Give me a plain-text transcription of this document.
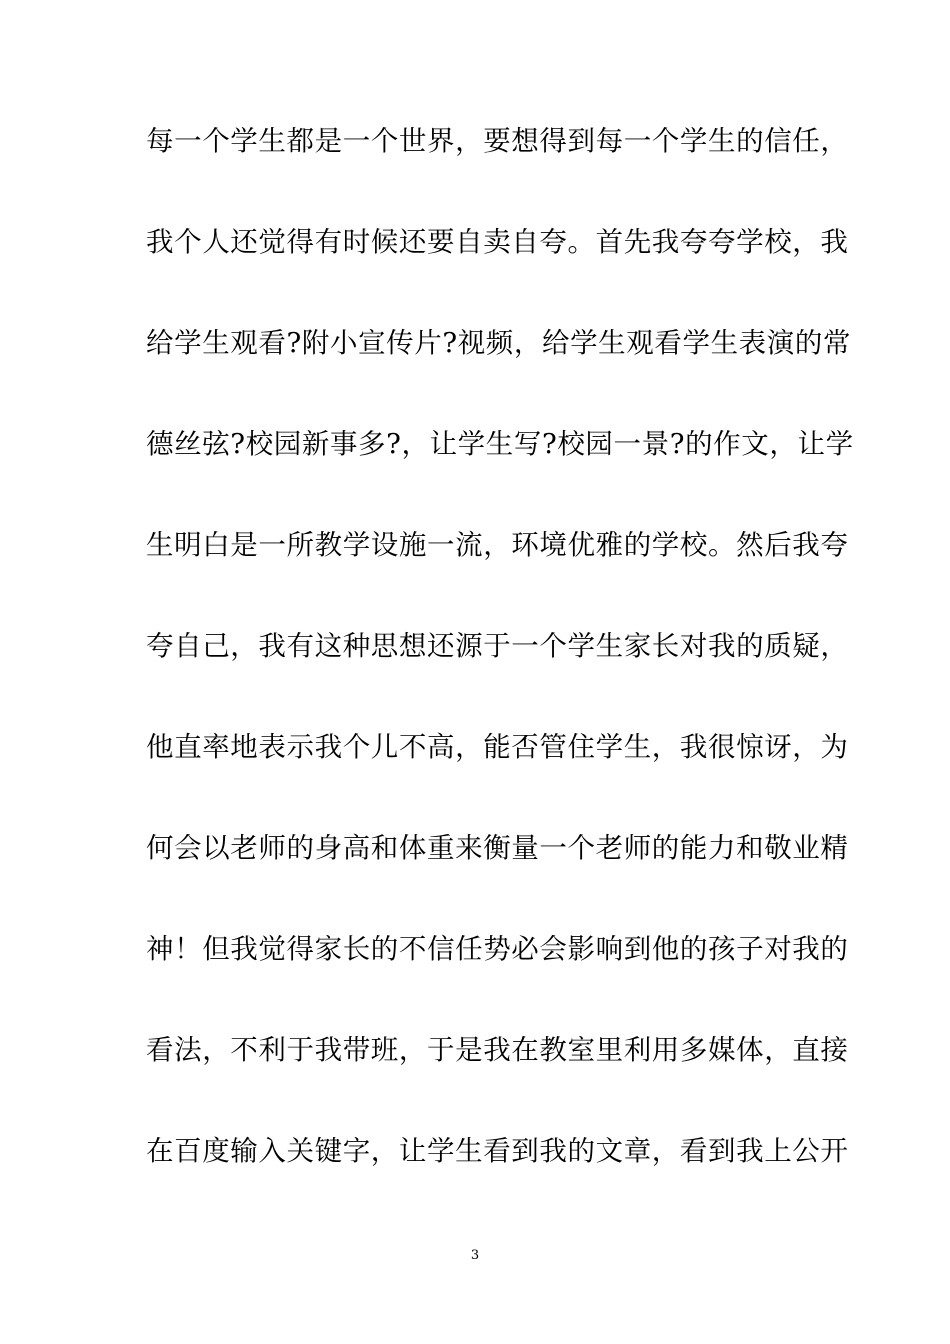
每一个学生都是一个世界，要想得到每一个学生的信任，
我个人还觉得有时候还要自卖自夸。首先我夸夸学校，我
给学生观看?附小宣传片?视频，给学生观看学生表演的常
德丝弦?校园新事多?，让学生写?校园一景?的作文，让学
生明白是一所教学设施一流，环境优雅的学校。然后我夸
夸自己，我有这种思想还源于一个学生家长对我的质疑，
他直率地表示我个儿不高，能否管住学生，我很惊讶，为
何会以老师的身高和体重来衡量一个老师的能力和敬业精
神！但我觉得家长的不信任势必会影响到他的孩子对我的
看法，不利于我带班，于是我在教室里利用多媒体，直接
在百度输入关键字，让学生看到我的文章，看到我上公开
3
